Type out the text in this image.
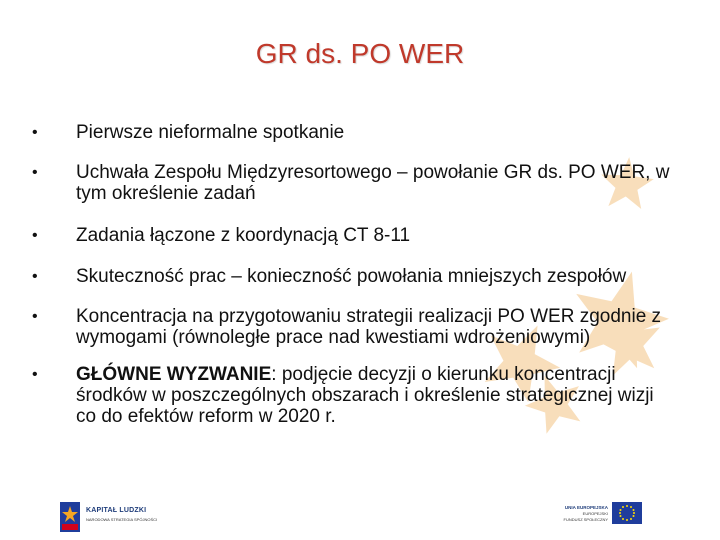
GR ds. PO WER
• Pierwsze nieformalne spotkanie
• Uchwała Zespołu Międzyresortowego – powołanie GR ds. PO WER, w tym określenie zadań
• Zadania łączone z koordynacją CT 8-11
• Skuteczność prac – konieczność powołania mniejszych zespołów
• Koncentracja na przygotowaniu strategii realizacji PO WER zgodnie z wymogami (równoległe prace nad kwestiami wdrożeniowymi)
• GŁÓWNE WYZWANIE: podjęcie decyzji o kierunku koncentracji środków w poszczególnych obszarach i określenie strategicznej wizji co do efektów reform w 2020 r.
KAPITAŁ LUDZKI
NARODOWA STRATEGIA SPÓJNOŚCI
UNIA EUROPEJSKA
EUROPEJSKI
FUNDUSZ SPOŁECZNY
